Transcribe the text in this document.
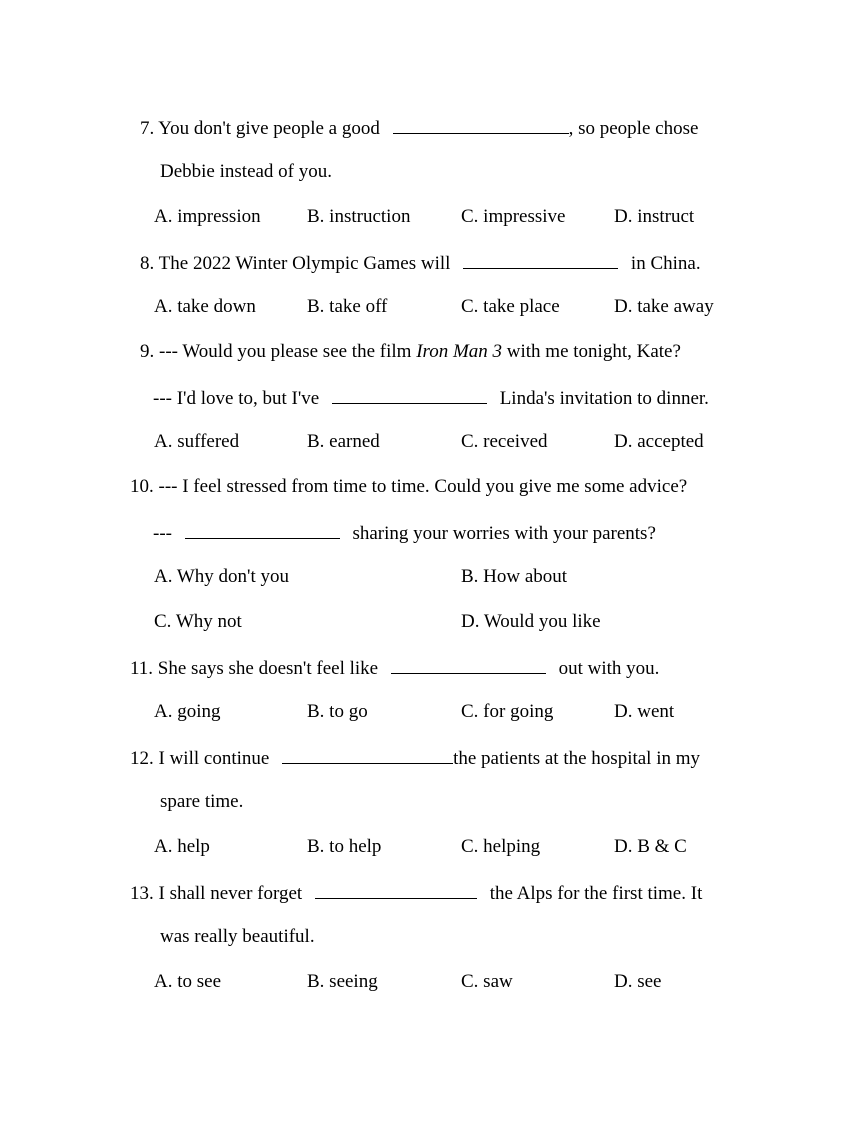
7. You don't give people a good	, so people chose
Debbie instead of you.
A. impression B. instruction	C. impressive	D. instruct
8. The 2022 Winter Olympic Games will	in China.
A. take down	B. take off	C. take place	D. take away
9. --- Would you please see the film Iron Man 3 with me tonight, Kate?
--- I'd love to, but I've	Linda's invitation to dinner.
A. suffered	B. earned	C. received	D. accepted
10. --- I feel stressed from time to time. Could you give me some advice?
---	sharing your worries with your parents?
A. Why don't you	B. How about
C. Why not	D. Would you like
11. She says she doesn't feel like	out with you.
A. going	B. to go	C. for going	D. went
12. I will continue	the patients at the hospital in my
spare time.
A. help	B. to help	C. helping	D. B & C
13. I shall never forget	the Alps for the first time. It
was really beautiful.
A. to see	B. seeing	C. saw	D. see
